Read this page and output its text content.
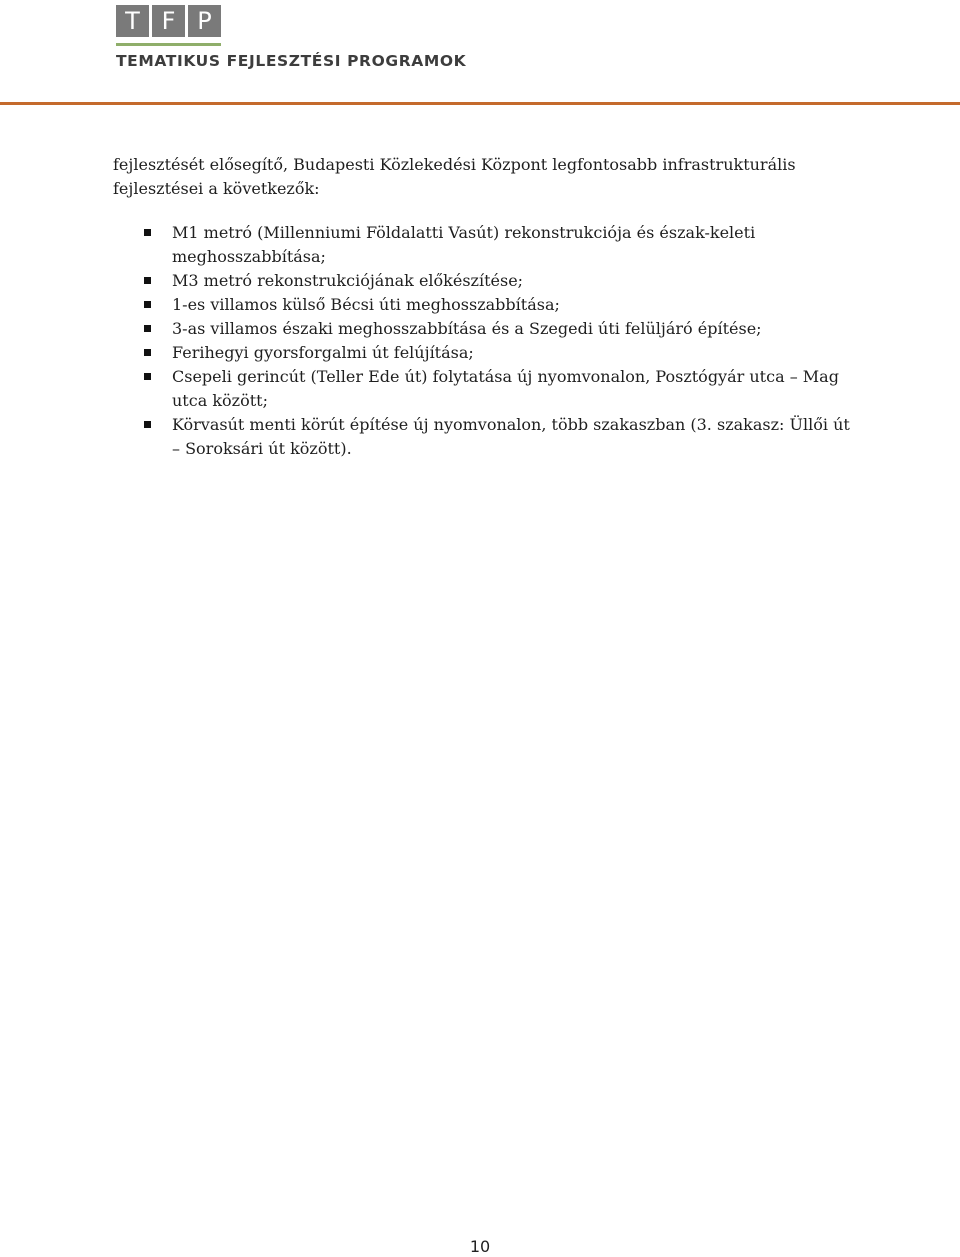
T F P
TEMATIKUS FEJLESZTÉSI PROGRAMOK

fejlesztését elősegítő, Budapesti Közlekedési Központ legfontosabb infrastrukturális fejlesztései a következők:

M1 metró (Millenniumi Földalatti Vasút) rekonstrukciója és észak-keleti meghosszabbítása;
M3 metró rekonstrukciójának előkészítése;
1-es villamos külső Bécsi úti meghosszabbítása;
3-as villamos északi meghosszabbítása és a Szegedi úti felüljáró építése;
Ferihegyi gyorsforgalmi út felújítása;
Csepeli gerincút (Teller Ede út) folytatása új nyomvonalon, Posztógyár utca – Mag utca között;
Körvasút menti körút építése új nyomvonalon, több szakaszban (3. szakasz: Üllői út – Soroksári út között).
10
